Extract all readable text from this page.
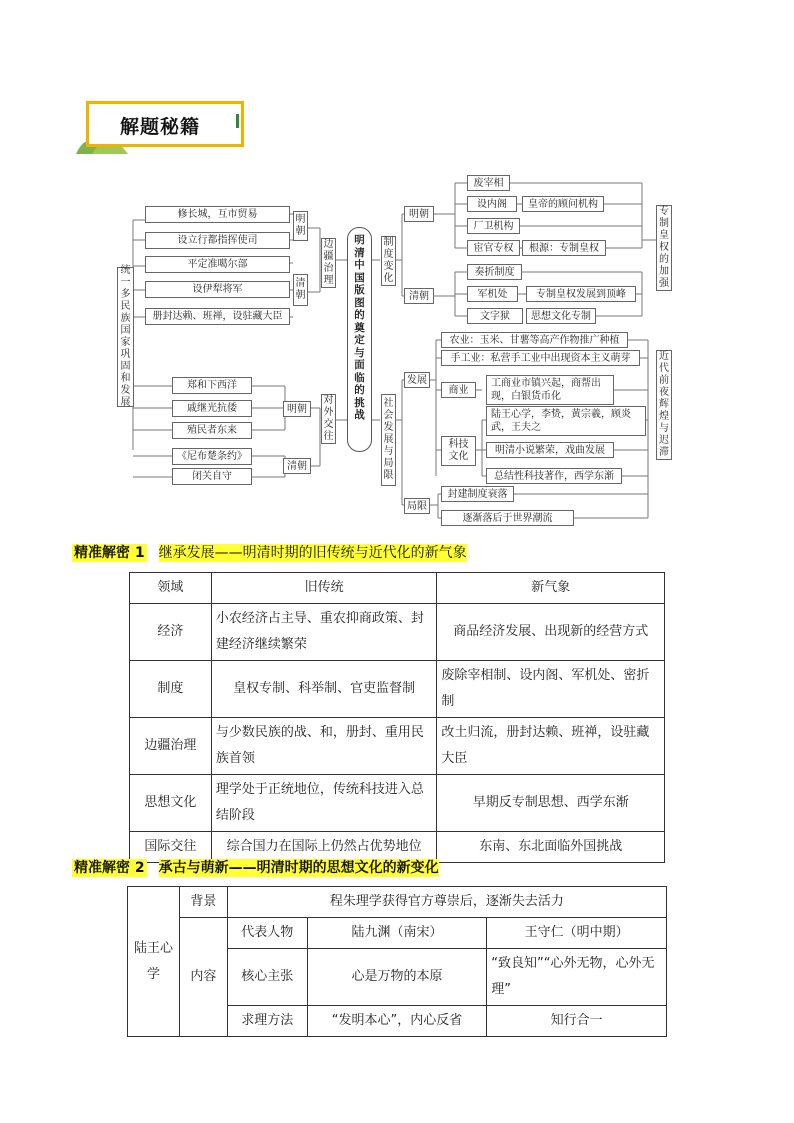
解题秘籍
统一多民族国家巩固和发展
修长城，互市贸易
设立行都指挥使司
平定准噶尔部
设伊犁将军
册封达赖、班禅，设驻藏大臣
明朝
清朝
边疆治理
郑和下西洋
戚继光抗倭
殖民者东来
《尼布楚条约》
闭关自守
明朝
清朝
对外交往
明清中国版图的奠定与面临的挑战
制度变化
明朝
清朝
废宰相
设内阁	皇帝的顾问机构
厂卫机构
宦官专权	根源：专制皇权
奏折制度
军机处	专制皇权发展到顶峰
文字狱	思想文化专制
专制皇权的加强
社会发展与局限
发展
局限
农业：玉米、甘薯等高产作物推广种植
手工业：私营手工业中出现资本主义萌芽
商业
工商业市镇兴起，商帮出现，白银货币化
科技文化
陆王心学，李贽，黄宗羲，顾炎武，王夫之
明清小说繁荣，戏曲发展
总结性科技著作，西学东渐
封建制度衰落
逐渐落后于世界潮流
近代前夜辉煌与迟滞
精准解密 1 继承发展——明清时期的旧传统与近代化的新气象
领域	旧传统	新气象
经济	小农经济占主导、重农抑商政策、封建经济继续繁荣	商品经济发展、出现新的经营方式
制度	皇权专制、科举制、官吏监督制	废除宰相制、设内阁、军机处、密折制
边疆治理	与少数民族的战、和，册封、重用民族首领	改土归流，册封达赖、班禅，设驻藏大臣
思想文化	理学处于正统地位，传统科技进入总结阶段	早期反专制思想、西学东渐
国际交往	综合国力在国际上仍然占优势地位	东南、东北面临外国挑战
精准解密 2 承古与萌新——明清时期的思想文化的新变化
陆王心学	背景	程朱理学获得官方尊崇后，逐渐失去活力		
	内容	代表人物	陆九渊（南宋）	王守仁（明中期）
		核心主张	心是万物的本原	“致良知”“心外无物，心外无理”
		求理方法	“发明本心”，内心反省	知行合一
